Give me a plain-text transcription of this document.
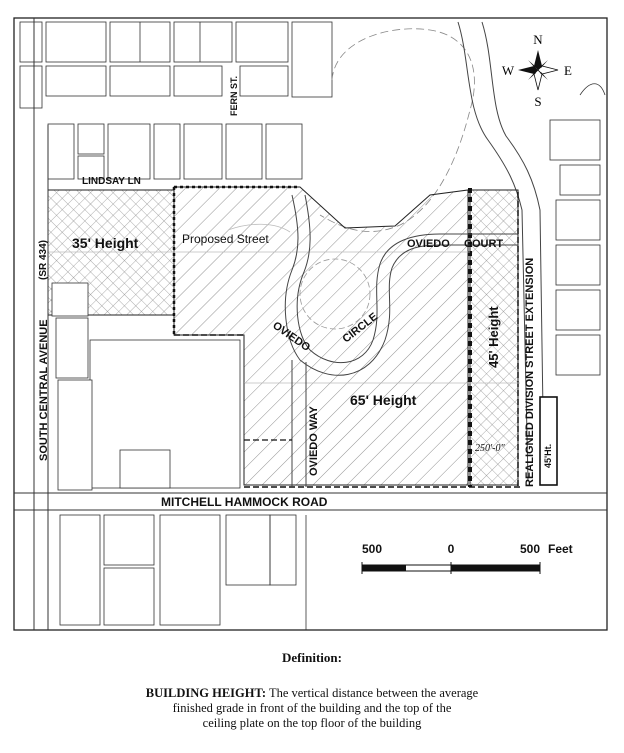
500	0	500 Feet
N
S
E
W
FERN ST.
LINDSAY LN
Proposed Street	OVIEDO COURT
OVIEDO	CIRCLE
OVIEDO WAY
MITCHELL HAMMOCK ROAD
SOUTH CENTRAL AVENUE
(SR 434)	REALIGNED DIVISION STREET EXTENSION
35' Height
65' Height
45' Height
45'Ht.
250'-0"
Definition:
BUILDING HEIGHT: The vertical distance between the average
finished grade in front of the building and the top of the
ceiling plate on the top floor of the building
